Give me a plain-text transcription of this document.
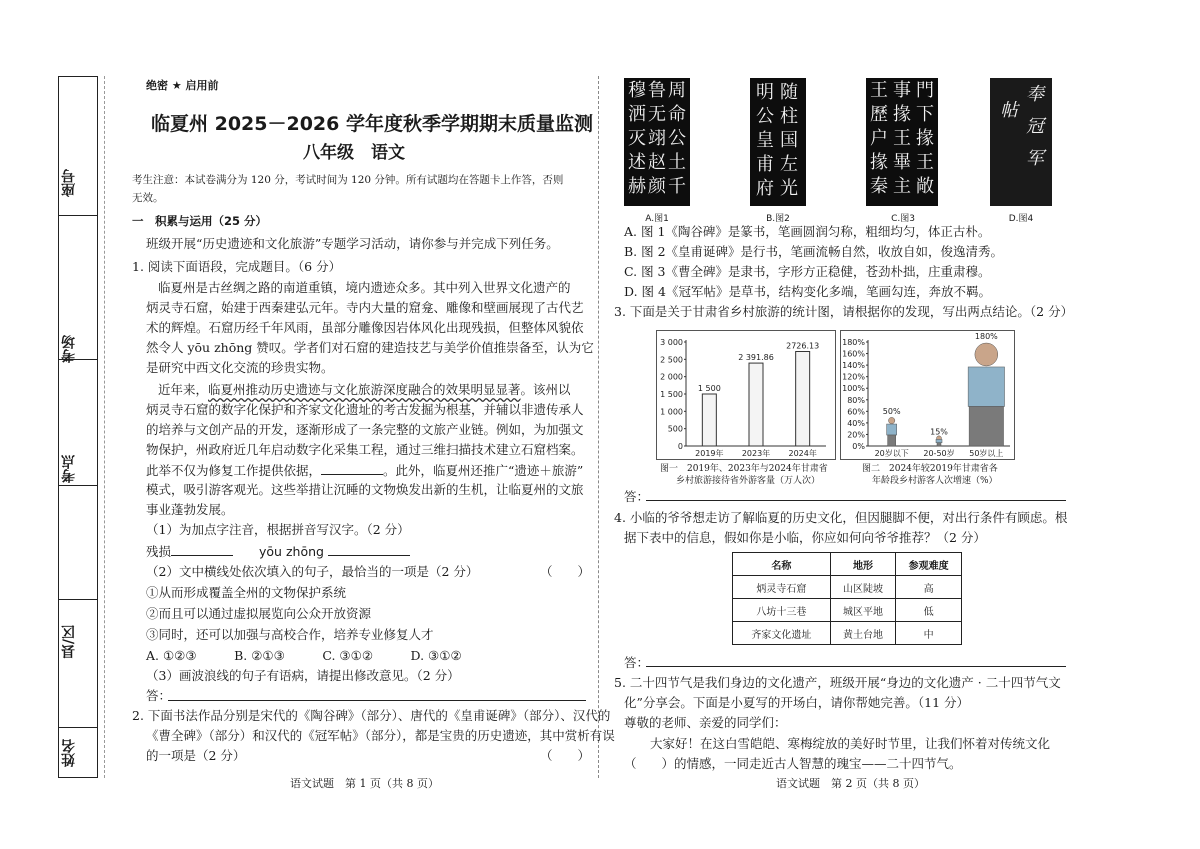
座号
考场
考点
县/区
姓名
绝密 ★ 启用前
临夏州 2025－2026 学年度秋季学期期末质量监测
八年级　语文
考生注意：本试卷满分为 120 分，考试时间为 120 分钟。所有试题均在答题卡上作答，否则
无效。
一　积累与运用（25 分）
班级开展“历史遗迹和文化旅游”专题学习活动，请你参与并完成下列任务。
1. 阅读下面语段，完成题目。（6 分）
临夏州是古丝绸之路的南道重镇，境内遗迹众多。其中列入世界文化遗产的
炳灵寺石窟，始建于西秦建弘元年。寺内大量的窟龛、雕像和壁画展现了古代艺
术的辉煌。石窟历经千年风雨，虽部分雕像因岩体风化出现残损，但整体风貌依
然令人 yōu zhōng 赞叹。学者们对石窟的建造技艺与美学价值推崇备至，认为它
是研究中西文化交流的珍贵实物。
近年来，临夏州推动历史遗迹与文化旅游深度融合的效果明显显著。该州以
炳灵寺石窟的数字化保护和齐家文化遗址的考古发掘为根基，并辅以非遗传承人
的培养与文创产品的开发，逐渐形成了一条完整的文旅产业链。例如，为加强文
物保护，州政府近几年启动数字化采集工程，通过三维扫描技术建立石窟档案。
此举不仅为修复工作提供依据，	。此外，临夏州还推广“遗迹＋旅游”
模式，吸引游客观光。这些举措让沉睡的文物焕发出新的生机，让临夏州的文旅
事业蓬勃发展。
（1）为加点字注音，根据拼音写汉字。（2 分）
残损	yōu zhōng
（2）文中横线处依次填入的句子，最恰当的一项是（2 分）	（　　）
①从而形成覆盖全州的文物保护系统
②而且可以通过虚拟展览向公众开放资源
③同时，还可以加强与高校合作，培养专业修复人才
A. ①②③　　　B. ②①③　　　C. ③①②　　　D. ③①②
（3）画波浪线的句子有语病，请提出修改意见。（2 分）
答：
2. 下面书法作品分别是宋代的《陶谷碑》（部分）、唐代的《皇甫诞碑》（部分）、汉代的
《曹全碑》（部分）和汉代的《冠军帖》（部分），都是宝贵的历史遗迹，其中赏析有误
的一项是（2 分）	（　　）
语文试题　第 1 页（共 8 页）
穆
洒
灭
述
赫
鲁
无
翊
赵
颜
周
命
公
土
千
A.图1
随
柱
国
左
光
明
公
皇
甫
府
B.图2
門
下
掾
王
敞
事
掾
王
畢
主
王
歷
户
掾
秦
C.图3
奉
冠
军
帖
D.图4
A. 图 1《陶谷碑》是篆书，笔画圆润匀称，粗细均匀，体正古朴。
B. 图 2《皇甫诞碑》是行书，笔画流畅自然，收放自如，俊逸清秀。
C. 图 3《曹全碑》是隶书，字形方正稳健，苍劲朴拙，庄重肃穆。
D. 图 4《冠军帖》是草书，结构变化多端，笔画勾连，奔放不羁。
3. 下面是关于甘肃省乡村旅游的统计图，请根据你的发现，写出两点结论。（2 分）
0
500
1 000
1 500
2 000
2 500
3 000
1 500
2019年
2 391.86
2023年
2726.13
2024年
图一　2019年、2023年与2024年甘肃省
乡村旅游接待省外游客量（万人次）
0%
20%
40%
60%
80%
100%
120%
140%
160%
180%
50%
20岁以下
15%
20-50岁
180%
50岁以上
图二　2024年较2019年甘肃省各
年龄段乡村游客人次增速（%）
答：
4. 小临的爷爷想走访了解临夏的历史文化，但因腿脚不便，对出行条件有顾虑。根
据下表中的信息，假如你是小临，你应如何向爷爷推荐？（2 分）
名称	地形	参观难度
炳灵寺石窟	山区陡坡	高
八坊十三巷	城区平地	低
齐家文化遗址	黄土台地	中
答：
5. 二十四节气是我们身边的文化遗产，班级开展“身边的文化遗产 · 二十四节气文
化”分享会。下面是小夏写的开场白，请你帮她完善。（11 分）
尊敬的老师、亲爱的同学们：
大家好！在这白雪皑皑、寒梅绽放的美好时节里，让我们怀着对传统文化
（　　）的情感，一同走近古人智慧的瑰宝——二十四节气。
语文试题　第 2 页（共 8 页）
